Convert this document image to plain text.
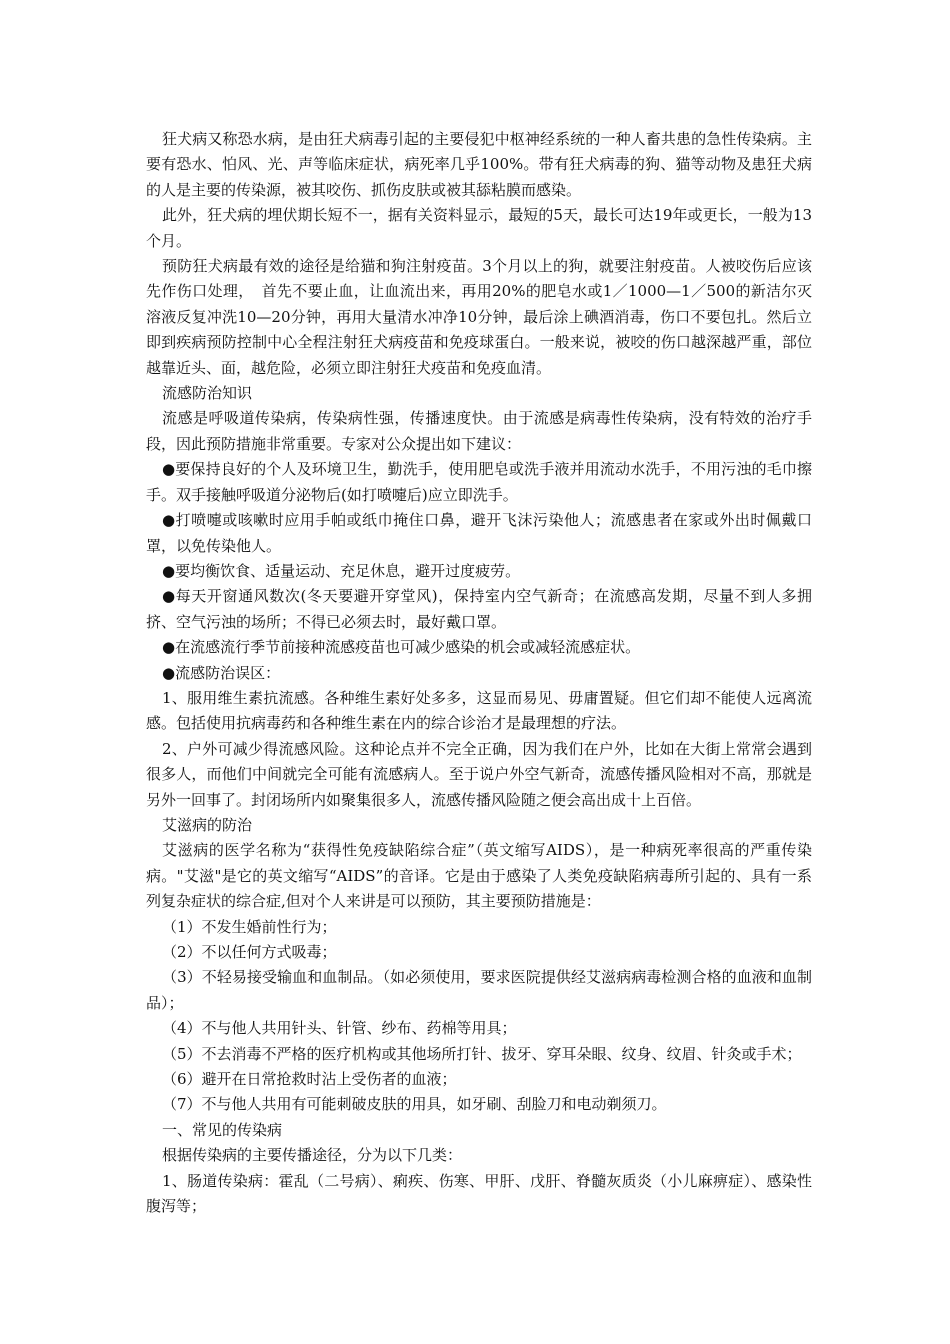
狂犬病又称恐水病，是由狂犬病毒引起的主要侵犯中枢神经系统的一种人畜共患的急性传染病。主要有恐水、怕风、光、声等临床症状，病死率几乎100%。带有狂犬病毒的狗、猫等动物及患狂犬病的人是主要的传染源，被其咬伤、抓伤皮肤或被其舔粘膜而感染。

此外，狂犬病的埋伏期长短不一，据有关资料显示，最短的5天，最长可达19年或更长，一般为13个月。

预防狂犬病最有效的途径是给猫和狗注射疫苗。3个月以上的狗，就要注射疫苗。人被咬伤后应该先作伤口处理，　首先不要止血，让血流出来，再用20%的肥皂水或1／1000—1／500的新洁尔灭溶液反复冲洗10—20分钟，再用大量清水冲净10分钟，最后涂上碘酒消毒，伤口不要包扎。然后立即到疾病预防控制中心全程注射狂犬病疫苗和免疫球蛋白。一般来说，被咬的伤口越深越严重，部位越靠近头、面，越危险，必须立即注射狂犬疫苗和免疫血清。

流感防治知识

流感是呼吸道传染病，传染病性强，传播速度快。由于流感是病毒性传染病，没有特效的治疗手段，因此预防措施非常重要。专家对公众提出如下建议：

●要保持良好的个人及环境卫生，勤洗手，使用肥皂或洗手液并用流动水洗手，不用污浊的毛巾擦手。双手接触呼吸道分泌物后(如打喷嚏后)应立即洗手。

●打喷嚏或咳嗽时应用手帕或纸巾掩住口鼻，避开飞沫污染他人；流感患者在家或外出时佩戴口罩，以免传染他人。

●要均衡饮食、适量运动、充足休息，避开过度疲劳。

●每天开窗通风数次(冬天要避开穿堂风)，保持室内空气新奇；在流感高发期，尽量不到人多拥挤、空气污浊的场所；不得已必须去时，最好戴口罩。

●在流感流行季节前接种流感疫苗也可减少感染的机会或减轻流感症状。

●流感防治误区：

1、服用维生素抗流感。各种维生素好处多多，这显而易见、毋庸置疑。但它们却不能使人远离流感。包括使用抗病毒药和各种维生素在内的综合诊治才是最理想的疗法。

2、户外可减少得流感风险。这种论点并不完全正确，因为我们在户外，比如在大街上常常会遇到很多人，而他们中间就完全可能有流感病人。至于说户外空气新奇，流感传播风险相对不高，那就是另外一回事了。封闭场所内如聚集很多人，流感传播风险随之便会高出成十上百倍。

艾滋病的防治

艾滋病的医学名称为“获得性免疫缺陷综合症”（英文缩写AIDS），是一种病死率很高的严重传染病。"艾滋"是它的英文缩写“AIDS”的音译。它是由于感染了人类免疫缺陷病毒所引起的、具有一系列复杂症状的综合症,但对个人来讲是可以预防，其主要预防措施是：

（1）不发生婚前性行为；

（2）不以任何方式吸毒；

（3）不轻易接受输血和血制品。（如必须使用，要求医院提供经艾滋病病毒检测合格的血液和血制品）；

（4）不与他人共用针头、针管、纱布、药棉等用具；

（5）不去消毒不严格的医疗机构或其他场所打针、拔牙、穿耳朵眼、纹身、纹眉、针灸或手术；

（6）避开在日常抢救时沾上受伤者的血液；

（7）不与他人共用有可能刺破皮肤的用具，如牙刷、刮脸刀和电动剃须刀。

一、常见的传染病

根据传染病的主要传播途径，分为以下几类：

1、肠道传染病：霍乱（二号病）、痢疾、伤寒、甲肝、戊肝、脊髓灰质炎（小儿麻痹症）、感染性腹泻等；
